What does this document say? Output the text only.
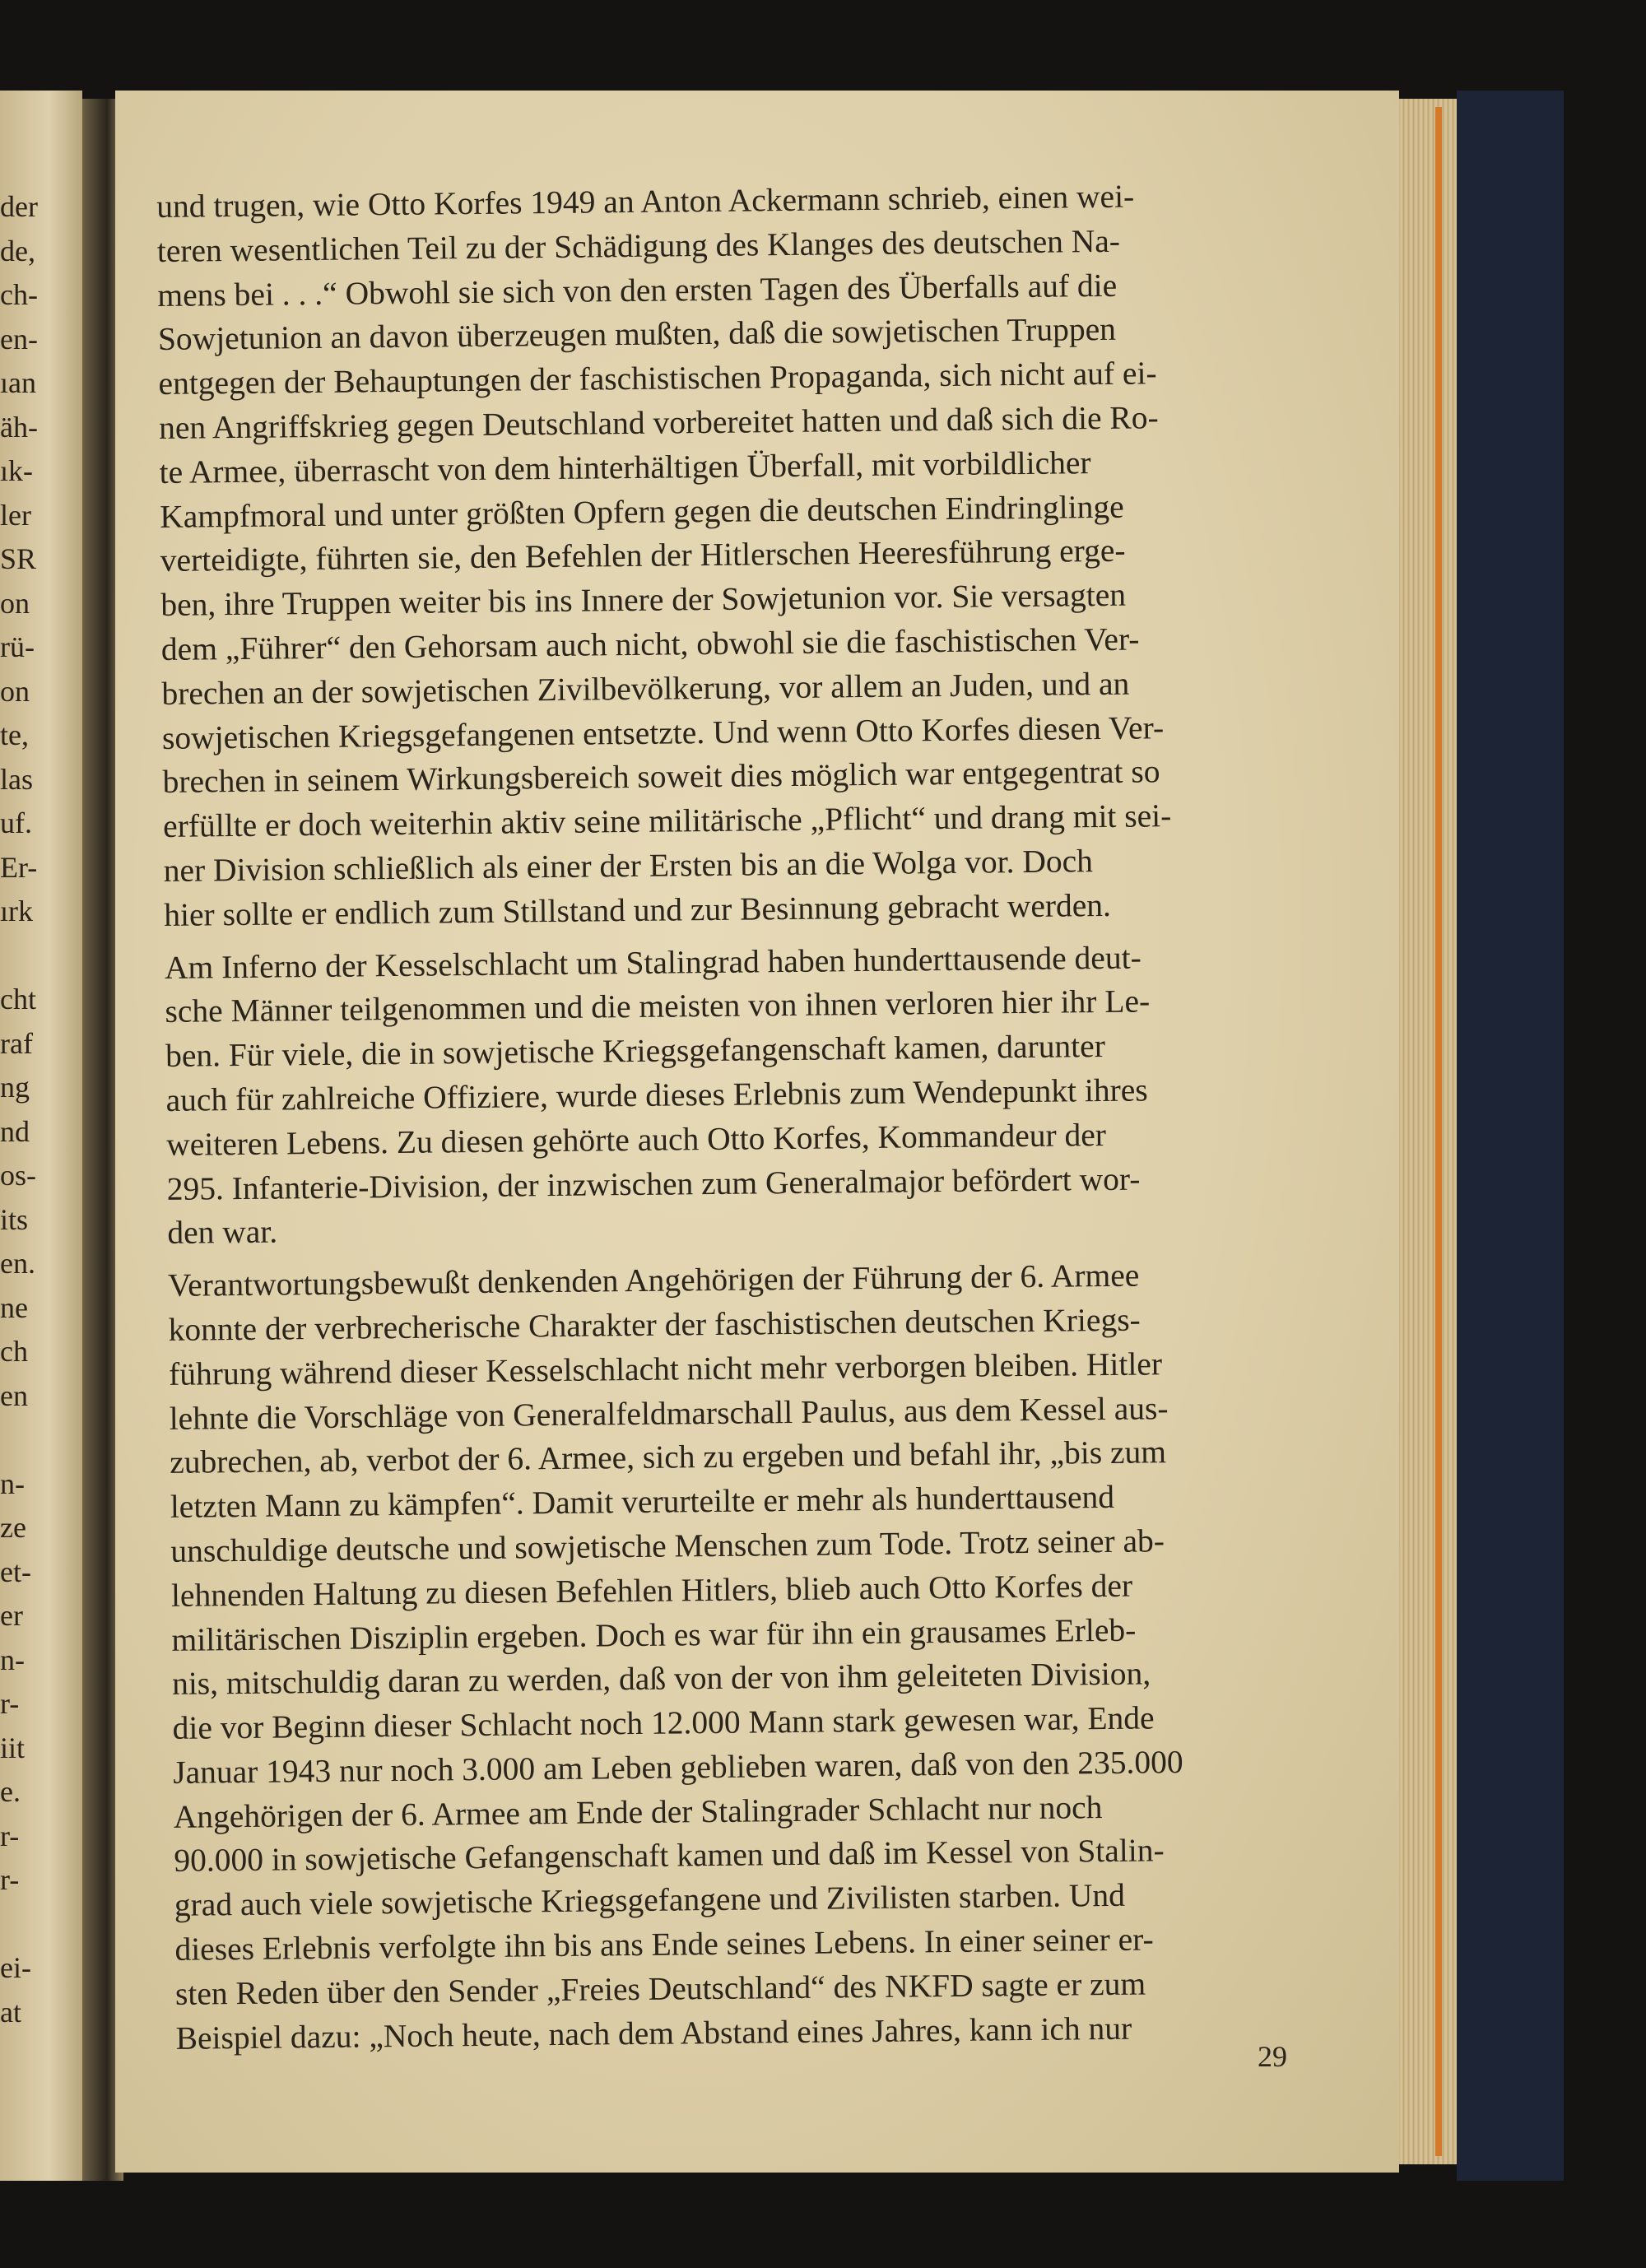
der
de,
ch-
en-
ıan
äh-
ık-
ler
SR
on
rü-
on
te,
las
uf.
Er-
ırk
cht
raf
ng
nd
os-
its
en.
ne
ch
en
n-
ze
et-
er
n-
r-
iit
e.
r-
r-
ei-
at

und trugen, wie Otto Korfes 1949 an Anton Ackermann schrieb, einen wei-
teren wesentlichen Teil zu der Schädigung des Klanges des deutschen Na-
mens bei . . .“ Obwohl sie sich von den ersten Tagen des Überfalls auf die
Sowjetunion an davon überzeugen mußten, daß die sowjetischen Truppen
entgegen der Behauptungen der faschistischen Propaganda, sich nicht auf ei-
nen Angriffskrieg gegen Deutschland vorbereitet hatten und daß sich die Ro-
te Armee, überrascht von dem hinterhältigen Überfall, mit vorbildlicher
Kampfmoral und unter größten Opfern gegen die deutschen Eindringlinge
verteidigte, führten sie, den Befehlen der Hitlerschen Heeresführung erge-
ben, ihre Truppen weiter bis ins Innere der Sowjetunion vor. Sie versagten
dem „Führer“ den Gehorsam auch nicht, obwohl sie die faschistischen Ver-
brechen an der sowjetischen Zivilbevölkerung, vor allem an Juden, und an
sowjetischen Kriegsgefangenen entsetzte. Und wenn Otto Korfes diesen Ver-
brechen in seinem Wirkungsbereich soweit dies möglich war entgegentrat so
erfüllte er doch weiterhin aktiv seine militärische „Pflicht“ und drang mit sei-
ner Division schließlich als einer der Ersten bis an die Wolga vor. Doch
hier sollte er endlich zum Stillstand und zur Besinnung gebracht werden.

Am Inferno der Kesselschlacht um Stalingrad haben hunderttausende deut-
sche Männer teilgenommen und die meisten von ihnen verloren hier ihr Le-
ben. Für viele, die in sowjetische Kriegsgefangenschaft kamen, darunter
auch für zahlreiche Offiziere, wurde dieses Erlebnis zum Wendepunkt ihres
weiteren Lebens. Zu diesen gehörte auch Otto Korfes, Kommandeur der
295. Infanterie-Division, der inzwischen zum Generalmajor befördert wor-
den war.

Verantwortungsbewußt denkenden Angehörigen der Führung der 6. Armee
konnte der verbrecherische Charakter der faschistischen deutschen Kriegs-
führung während dieser Kesselschlacht nicht mehr verborgen bleiben. Hitler
lehnte die Vorschläge von Generalfeldmarschall Paulus, aus dem Kessel aus-
zubrechen, ab, verbot der 6. Armee, sich zu ergeben und befahl ihr, „bis zum
letzten Mann zu kämpfen“. Damit verurteilte er mehr als hunderttausend
unschuldige deutsche und sowjetische Menschen zum Tode. Trotz seiner ab-
lehnenden Haltung zu diesen Befehlen Hitlers, blieb auch Otto Korfes der
militärischen Disziplin ergeben. Doch es war für ihn ein grausames Erleb-
nis, mitschuldig daran zu werden, daß von der von ihm geleiteten Division,
die vor Beginn dieser Schlacht noch 12.000 Mann stark gewesen war, Ende
Januar 1943 nur noch 3.000 am Leben geblieben waren, daß von den 235.000
Angehörigen der 6. Armee am Ende der Stalingrader Schlacht nur noch
90.000 in sowjetische Gefangenschaft kamen und daß im Kessel von Stalin-
grad auch viele sowjetische Kriegsgefangene und Zivilisten starben. Und
dieses Erlebnis verfolgte ihn bis ans Ende seines Lebens. In einer seiner er-
sten Reden über den Sender „Freies Deutschland“ des NKFD sagte er zum
Beispiel dazu: „Noch heute, nach dem Abstand eines Jahres, kann ich nur

29
